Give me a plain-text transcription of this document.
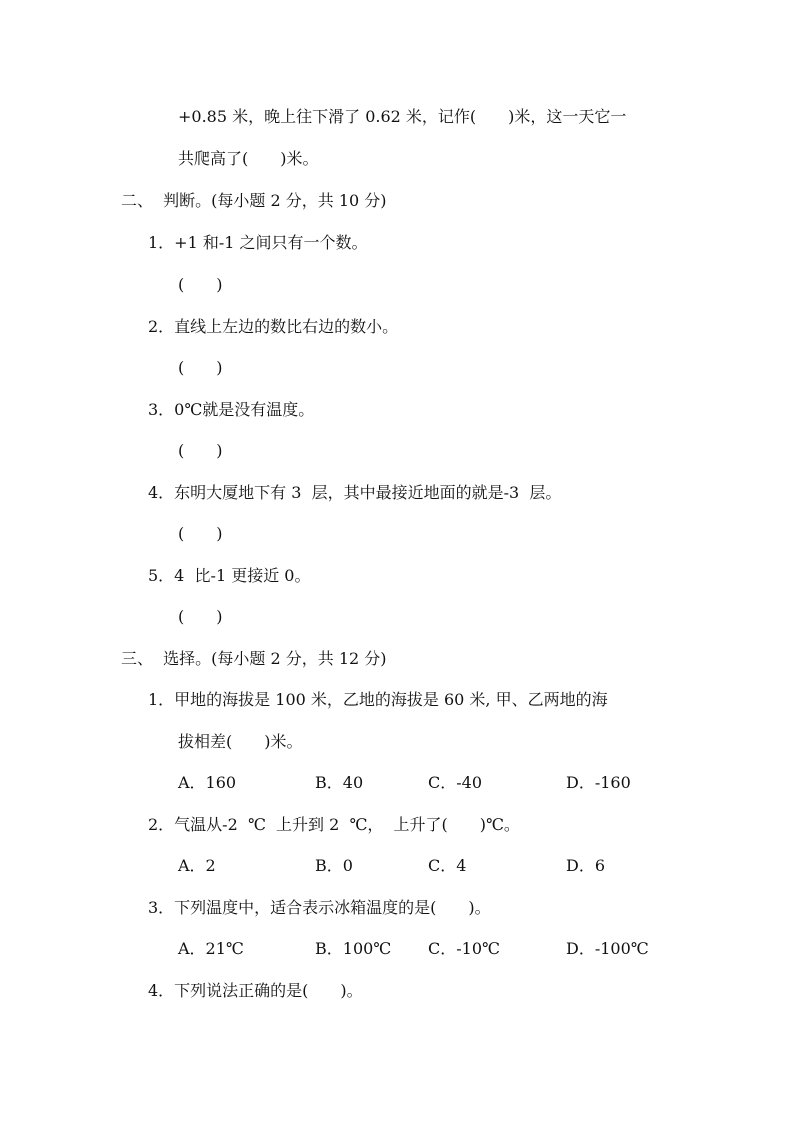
+0.85 米，晚上往下滑了 0.62 米，记作(　　)米，这一天它一
共爬高了(　　)米。
二、  判断。(每小题 2 分，共 10 分)
1．+1 和-1 之间只有一个数。
(　　)
2．直线上左边的数比右边的数小。
(　　)
3．0℃就是没有温度。
(　　)
4．东明大厦地下有 3  层，其中最接近地面的就是-3  层。
(　　)
5．4  比-1 更接近 0。
(　　)
三、  选择。(每小题 2 分，共 12 分)
1．甲地的海拔是 100 米，乙地的海拔是 60 米, 甲、乙两地的海
拔相差(　　)米。
A．160	B．40	C．-40	D．-160
2．气温从-2  ℃  上升到 2  ℃，  上升了(　　)℃。
A．2	B．0	C．4	D．6
3．下列温度中，适合表示冰箱温度的是(　　)。
A．21℃	B．100℃ C．-10℃	D．-100℃
4．下列说法正确的是(　　)。
